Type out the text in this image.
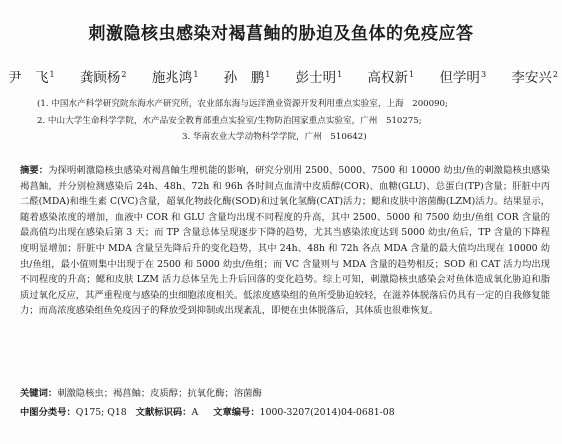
刺激隐核虫感染对褐菖鲉的胁迫及鱼体的免疫应答
尹　飞$^1$ 龚顾杨$^2$ 施兆鸿$^1$ 孙　鹏$^1$ 彭士明$^1$ 高权新$^1$ 但学明$^3$ 李安兴$^2$
(1. 中国水产科学研究院东海水产研究所，农业部东海与远洋渔业资源开发利用重点实验室，上海　200090;
2. 中山大学生命科学学院，水产品安全教育部重点实验室/生物防治国家重点实验室，广州　510275;
3. 华南农业大学动物科学学院，广州　510642)
摘要：为探明刺激隐核虫感染对褐菖鲉生理机能的影响，研究分别用 2500、5000、7500 和 10000 幼虫/鱼的刺激隐核虫感染褐菖鲉，并分别检测感染后 24h、48h、72h 和 96h 各时间点血清中皮质醇(COR)、血糖(GLU)、总蛋白(TP)含量；肝脏中丙二醛(MDA)和维生素 C(VC)含量，超氧化物歧化酶(SOD)和过氧化氢酶(CAT)活力；鳃和皮肤中溶菌酶(LZM)活力。结果显示，随着感染浓度的增加，血液中 COR 和 GLU 含量均出现不同程度的升高，其中 2500、5000 和 7500 幼虫/鱼组 COR 含量的最高值均出现在感染后第 3 天；而 TP 含量总体呈现逐步下降的趋势，尤其当感染浓度达到 5000 幼虫/鱼后，TP 含量的下降程度明显增加；肝脏中 MDA 含量呈先降后升的变化趋势，其中 24h、48h 和 72h 各点 MDA 含量的最大值均出现在 10000 幼虫/鱼组，最小值则集中出现于在 2500 和 5000 幼虫/鱼组；而 VC 含量则与 MDA 含量的趋势相反；SOD 和 CAT 活力均出现不同程度的升高；鳃和皮肤 LZM 活力总体呈先上升后回落的变化趋势。综上可知，刺激隐核虫感染会对鱼体造成氧化胁迫和脂质过氧化反应，其严重程度与感染的虫细胞浓度相关。低浓度感染组的鱼所受胁迫较轻，在滋养体脱落后仍具有一定的自我修复能力；而高浓度感染组鱼免疫因子的释放受到抑制或出现紊乱，即便在虫体脱落后，其体质也很难恢复。
关键词：刺激隐核虫；褐菖鲉；皮质醇；抗氧化酶；溶菌酶
中图分类号：Q175; Q18 文献标识码：A 文章编号：1000-3207(2014)04-0681-08
